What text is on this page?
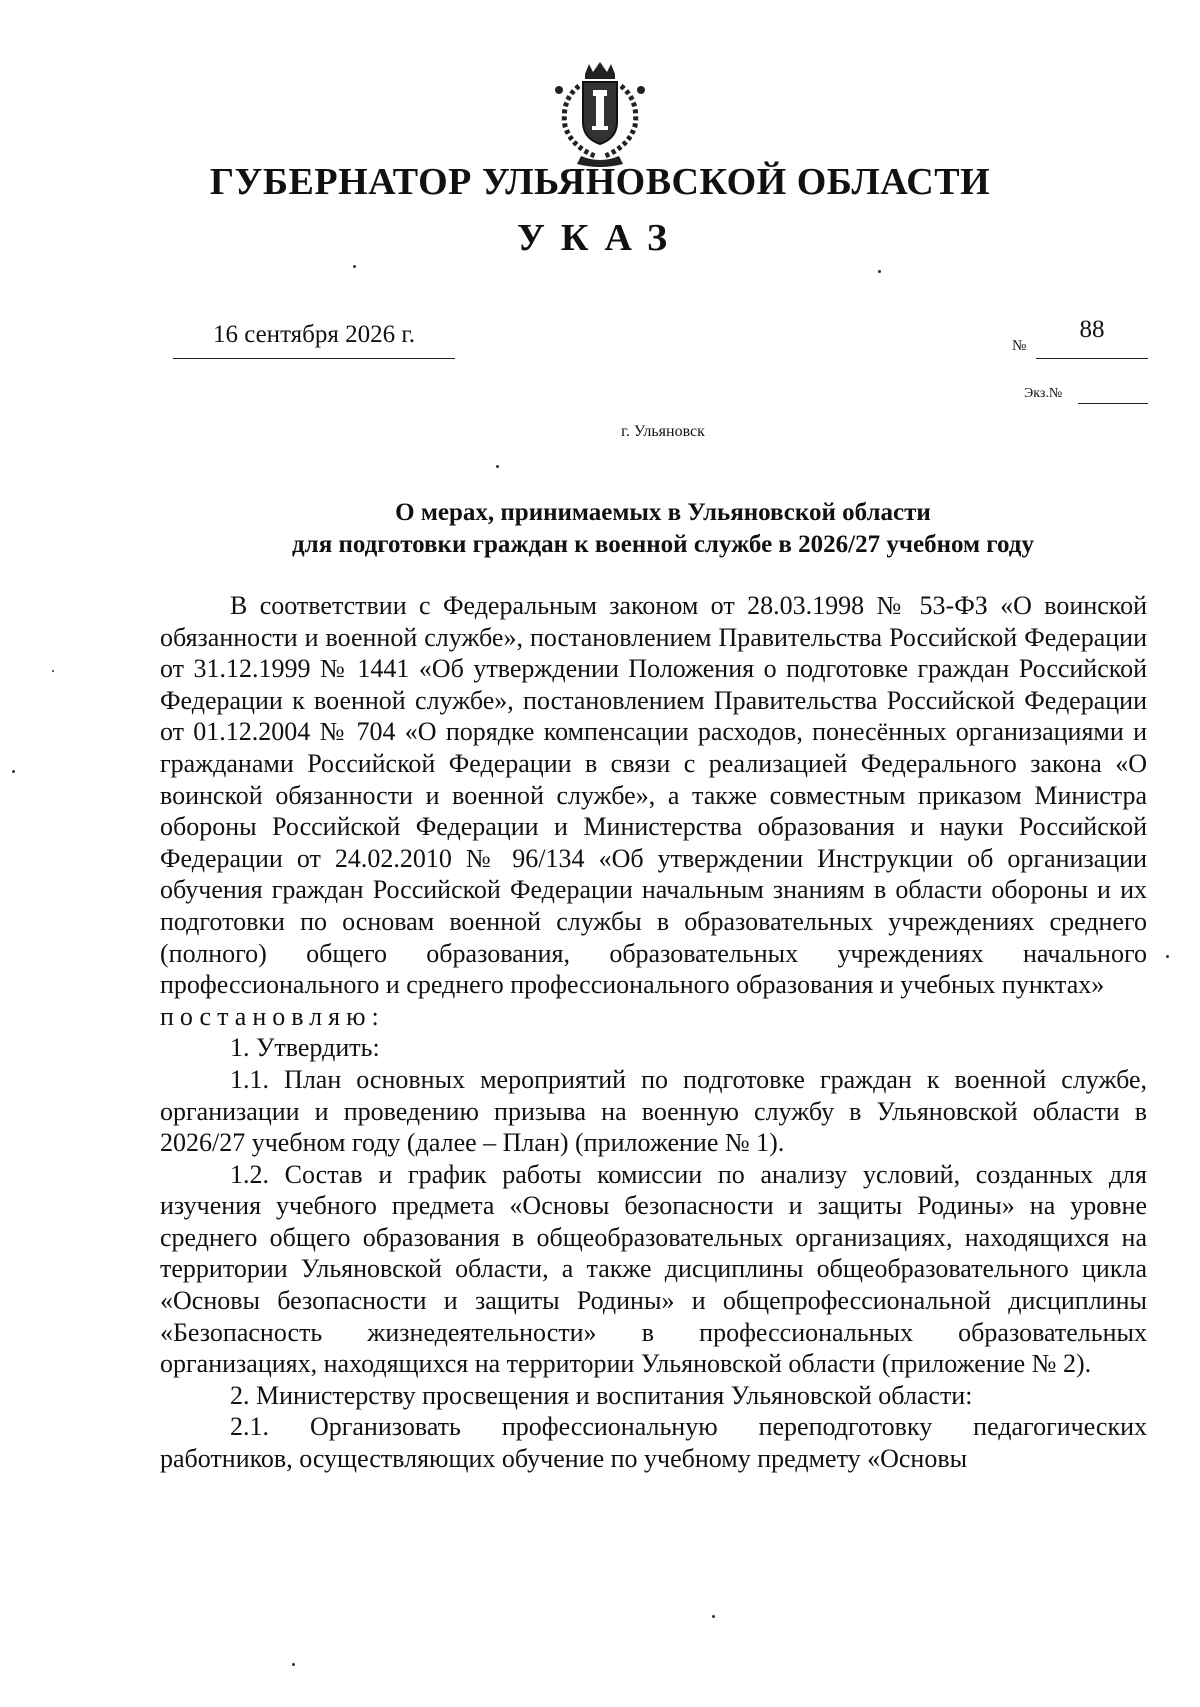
ГУБЕРНАТОР УЛЬЯНОВСКОЙ ОБЛАСТИ
УКАЗ
16 сентября 2026 г.	№
88
Экз.№
г. Ульяновск
О мерах, принимаемых в Ульяновской области
для подготовки граждан к военной службе в 2026/27 учебном году

В соответствии с Федеральным законом от 28.03.1998 № 53-ФЗ «О воинской обязанности и военной службе», постановлением Правительства Российской Федерации от 31.12.1999 № 1441 «Об утверждении Положения о подготовке граждан Российской Федерации к военной службе», постановлением Правительства Российской Федерации от 01.12.2004 № 704 «О порядке компенсации расходов, понесённых организациями и гражданами Российской Федерации в связи с реализацией Федерального закона «О воинской обязанности и военной службе», а также совместным приказом Министра обороны Российской Федерации и Министерства образования и науки Российской Федерации от 24.02.2010 № 96/134 «Об утверждении Инструкции об организации обучения граждан Российской Федерации начальным знаниям в области обороны и их подготовки по основам военной службы в образовательных учреждениях среднего (полного) общего образования, образовательных учреждениях начального профессионального и среднего профессионального образования и учебных пунктах»

постановляю:

1. Утвердить:

1.1. План основных мероприятий по подготовке граждан к военной службе, организации и проведению призыва на военную службу в Ульяновской области в 2026/27 учебном году (далее – План) (приложение № 1).

1.2. Состав и график работы комиссии по анализу условий, созданных для изучения учебного предмета «Основы безопасности и защиты Родины» на уровне среднего общего образования в общеобразовательных организациях, находящихся на территории Ульяновской области, а также дисциплины общеобразовательного цикла «Основы безопасности и защиты Родины» и общепрофессиональной дисциплины «Безопасность жизнедеятельности» в профессиональных образовательных организациях, находящихся на территории Ульяновской области (приложение № 2).

2. Министерству просвещения и воспитания Ульяновской области:

2.1. Организовать профессиональную переподготовку педагогических работников, осуществляющих обучение по учебному предмету «Основы
